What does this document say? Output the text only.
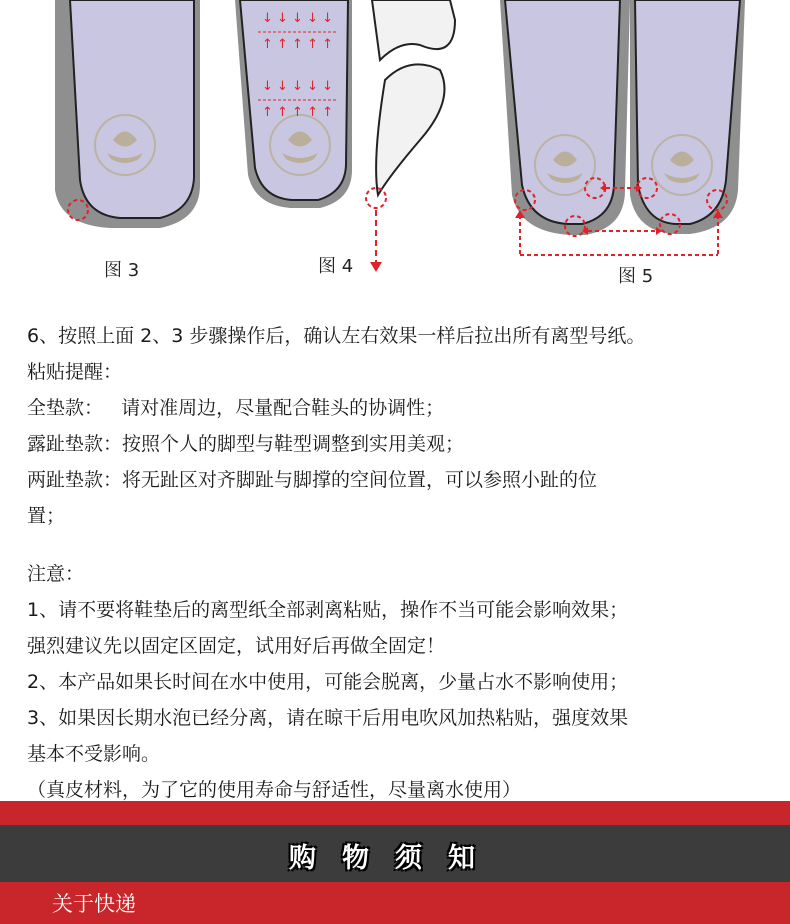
↓ ↓ ↓ ↓ ↓
↑ ↑ ↑ ↑ ↑
↓ ↓ ↓ ↓ ↓
↑ ↑ ↑ ↑ ↑
图 3	图 4	图 5

6、按照上面 2、3 步骤操作后，确认左右效果一样后拉出所有离型号纸。

粘贴提醒：

全垫款：   请对准周边，尽量配合鞋头的协调性；

露趾垫款：按照个人的脚型与鞋型调整到实用美观；

两趾垫款：将无趾区对齐脚趾与脚撑的空间位置，可以参照小趾的位

置；

注意：

1、请不要将鞋垫后的离型纸全部剥离粘贴，操作不当可能会影响效果；

强烈建议先以固定区固定，试用好后再做全固定！

2、本产品如果长时间在水中使用，可能会脱离，少量占水不影响使用；

3、如果因长期水泡已经分离，请在晾干后用电吹风加热粘贴，强度效果

基本不受影响。

（真皮材料，为了它的使用寿命与舒适性，尽量离水使用）

购物须知
关于快递
